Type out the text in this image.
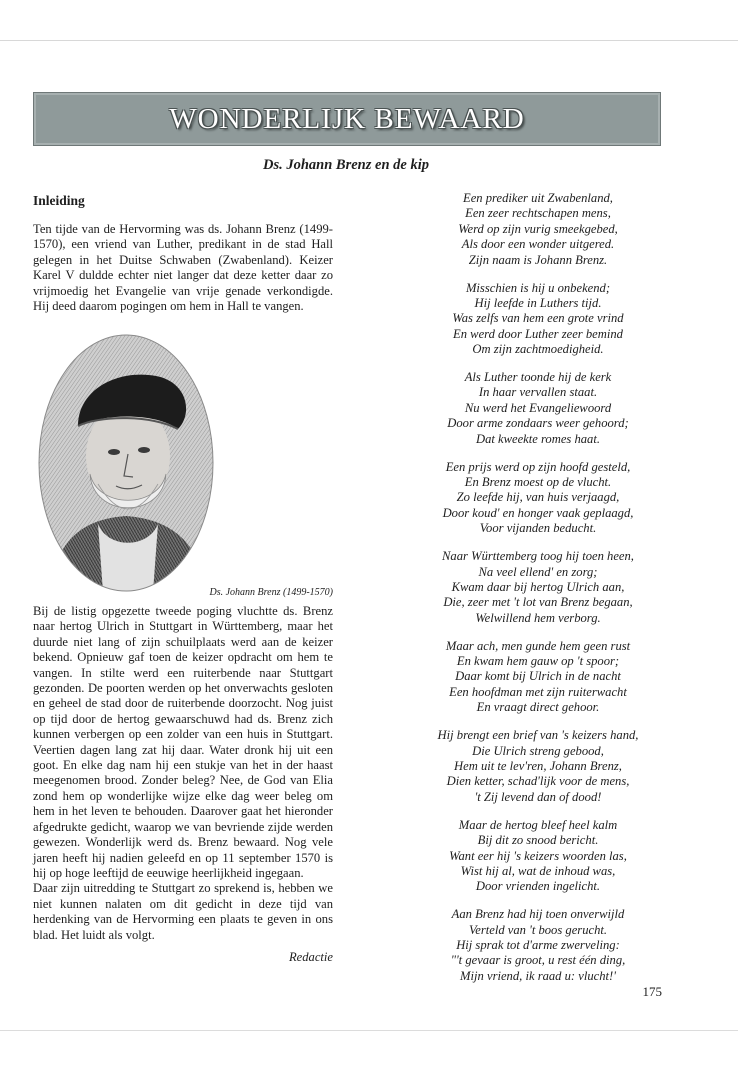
WONDERLIJK BEWAARD
Ds. Johann Brenz en de kip
Inleiding
Ten tijde van de Hervorming was ds. Johann Brenz (1499-1570), een vriend van Luther, predikant in de stad Hall gelegen in het Duitse Schwaben (Zwabenland). Keizer Karel V duldde echter niet langer dat deze ketter daar zo vrijmoedig het Evangelie van vrije genade verkondigde. Hij deed daarom pogingen om hem in Hall te vangen.
Ds. Johann Brenz (1499-1570)
Bij de listig opgezette tweede poging vluchtte ds. Brenz naar hertog Ulrich in Stuttgart in Württemberg, maar het duurde niet lang of zijn schuilplaats werd aan de keizer bekend. Opnieuw gaf toen de keizer opdracht om hem te vangen. In stilte werd een ruiterbende naar Stuttgart gezonden. De poorten werden op het onverwachts gesloten en geheel de stad door de ruiterbende doorzocht. Nog juist op tijd door de hertog gewaarschuwd had ds. Brenz zich kunnen verbergen op een zolder van een huis in Stuttgart. Veertien dagen lang zat hij daar. Water dronk hij uit een goot. En elke dag nam hij een stukje van het in der haast meegenomen brood. Zonder beleg? Nee, de God van Elia zond hem op wonderlijke wijze elke dag weer beleg om hem in het leven te behouden. Daarover gaat het hieronder afgedrukte gedicht, waarop we van bevriende zijde werden gewezen. Wonderlijk werd ds. Brenz bewaard. Nog vele jaren heeft hij nadien geleefd en op 11 september 1570 is hij op hoge leeftijd de eeuwige heerlijkheid ingegaan.
Daar zijn uitredding te Stuttgart zo sprekend is, hebben we niet kunnen nalaten om dit gedicht in deze tijd van herdenking van de Hervorming een plaats te geven in ons blad. Het luidt als volgt.
Redactie
Een prediker uit Zwabenland,
Een zeer rechtschapen mens,
Werd op zijn vurig smeekgebed,
Als door een wonder uitgered.
Zijn naam is Johann Brenz.
Misschien is hij u onbekend;
Hij leefde in Luthers tijd.
Was zelfs van hem een grote vrind
En werd door Luther zeer bemind
Om zijn zachtmoedigheid.
Als Luther toonde hij de kerk
In haar vervallen staat.
Nu werd het Evangeliewoord
Door arme zondaars weer gehoord;
Dat kweekte romes haat.
Een prijs werd op zijn hoofd gesteld,
En Brenz moest op de vlucht.
Zo leefde hij, van huis verjaagd,
Door koud' en honger vaak geplaagd,
Voor vijanden beducht.
Naar Württemberg toog hij toen heen,
Na veel ellend' en zorg;
Kwam daar bij hertog Ulrich aan,
Die, zeer met 't lot van Brenz begaan,
Welwillend hem verborg.
Maar ach, men gunde hem geen rust
En kwam hem gauw op 't spoor;
Daar komt bij Ulrich in de nacht
Een hoofdman met zijn ruiterwacht
En vraagt direct gehoor.
Hij brengt een brief van 's keizers hand,
Die Ulrich streng gebood,
Hem uit te lev'ren, Johann Brenz,
Dien ketter, schad'lijk voor de mens,
't Zij levend dan of dood!
Maar de hertog bleef heel kalm
Bij dit zo snood bericht.
Want eer hij 's keizers woorden las,
Wist hij al, wat de inhoud was,
Door vrienden ingelicht.
Aan Brenz had hij toen onverwijld
Verteld van 't boos gerucht.
Hij sprak tot d'arme zwerveling:
"'t gevaar is groot, u rest één ding,
Mijn vriend, ik raad u: vlucht!'
175
